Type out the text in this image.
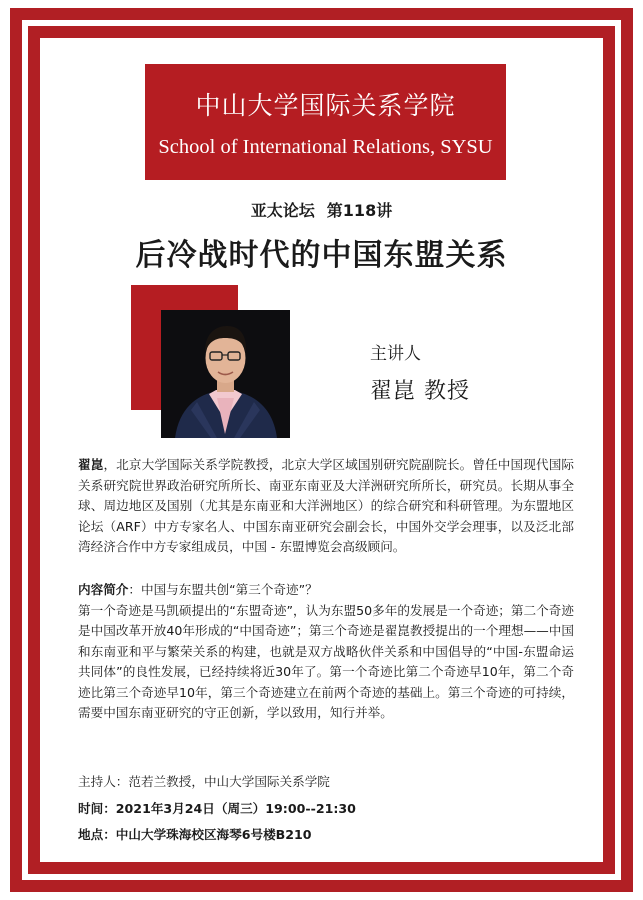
中山大学国际关系学院
School of International Relations, SYSU
亚太论坛 第118讲
后冷战时代的中国东盟关系
主讲人
翟崑 教授
翟崑，北京大学国际关系学院教授，北京大学区域国别研究院副院长。曾任中国现代国际关系研究院世界政治研究所所长、南亚东南亚及大洋洲研究所所长，研究员。长期从事全球、周边地区及国别（尤其是东南亚和大洋洲地区）的综合研究和科研管理。为东盟地区论坛（ARF）中方专家名人、中国东南亚研究会副会长，中国外交学会理事，以及泛北部湾经济合作中方专家组成员，中国 - 东盟博览会高级顾问。
内容简介：中国与东盟共创“第三个奇迹”？
第一个奇迹是马凯硕提出的“东盟奇迹”，认为东盟50多年的发展是一个奇迹；第二个奇迹是中国改革开放40年形成的“中国奇迹”；第三个奇迹是翟崑教授提出的一个理想——中国和东南亚和平与繁荣关系的构建，也就是双方战略伙伴关系和中国倡导的“中国-东盟命运共同体”的良性发展，已经持续将近30年了。第一个奇迹比第二个奇迹早10年，第二个奇迹比第三个奇迹早10年，第三个奇迹建立在前两个奇迹的基础上。第三个奇迹的可持续，需要中国东南亚研究的守正创新，学以致用，知行并举。
主持人：范若兰教授，中山大学国际关系学院
时间：2021年3月24日（周三）19:00--21:30
地点：中山大学珠海校区海琴6号楼B210
